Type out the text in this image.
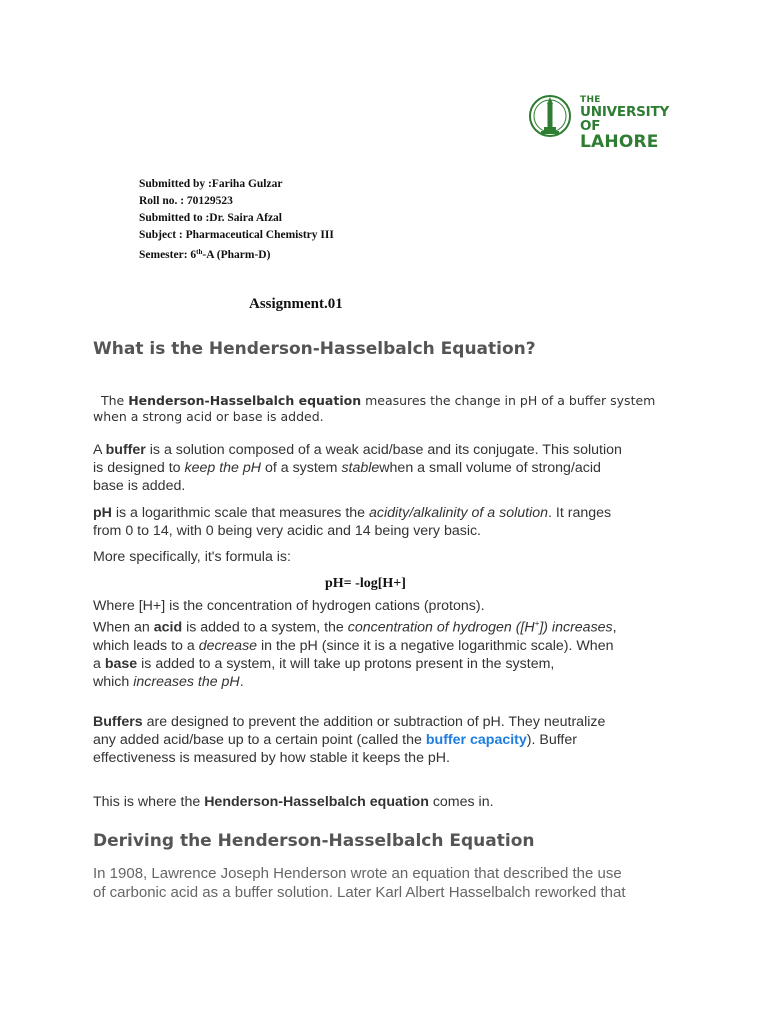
THE
UNIVERSITY OF
LAHORE
Submitted by :Fariha Gulzar
Roll no. : 70129523
Submitted to :Dr. Saira Afzal
Subject : Pharmaceutical Chemistry III
Semester: 6th-A (Pharm-D)
Assignment.01
What is the Henderson-Hasselbalch Equation?
The Henderson-Hasselbalch equation measures the change in pH of a buffer system
when a strong acid or base is added.
A buffer is a solution composed of a weak acid/base and its conjugate. This solution
is designed to keep the pH of a system stablewhen a small volume of strong/acid
base is added.
pH is a logarithmic scale that measures the acidity/alkalinity of a solution. It ranges
from 0 to 14, with 0 being very acidic and 14 being very basic.
More specifically, it's formula is:
pH= -log[H+]
Where [H+] is the concentration of hydrogen cations (protons).
When an acid is added to a system, the concentration of hydrogen ([H+]) increases,
which leads to a decrease in the pH (since it is a negative logarithmic scale). When
a base is added to a system, it will take up protons present in the system,
which increases the pH.
Buffers are designed to prevent the addition or subtraction of pH. They neutralize
any added acid/base up to a certain point (called the buffer capacity). Buffer
effectiveness is measured by how stable it keeps the pH.
This is where the Henderson-Hasselbalch equation comes in.
Deriving the Henderson-Hasselbalch Equation
In 1908, Lawrence Joseph Henderson wrote an equation that described the use
of carbonic acid as a buffer solution. Later Karl Albert Hasselbalch reworked that
